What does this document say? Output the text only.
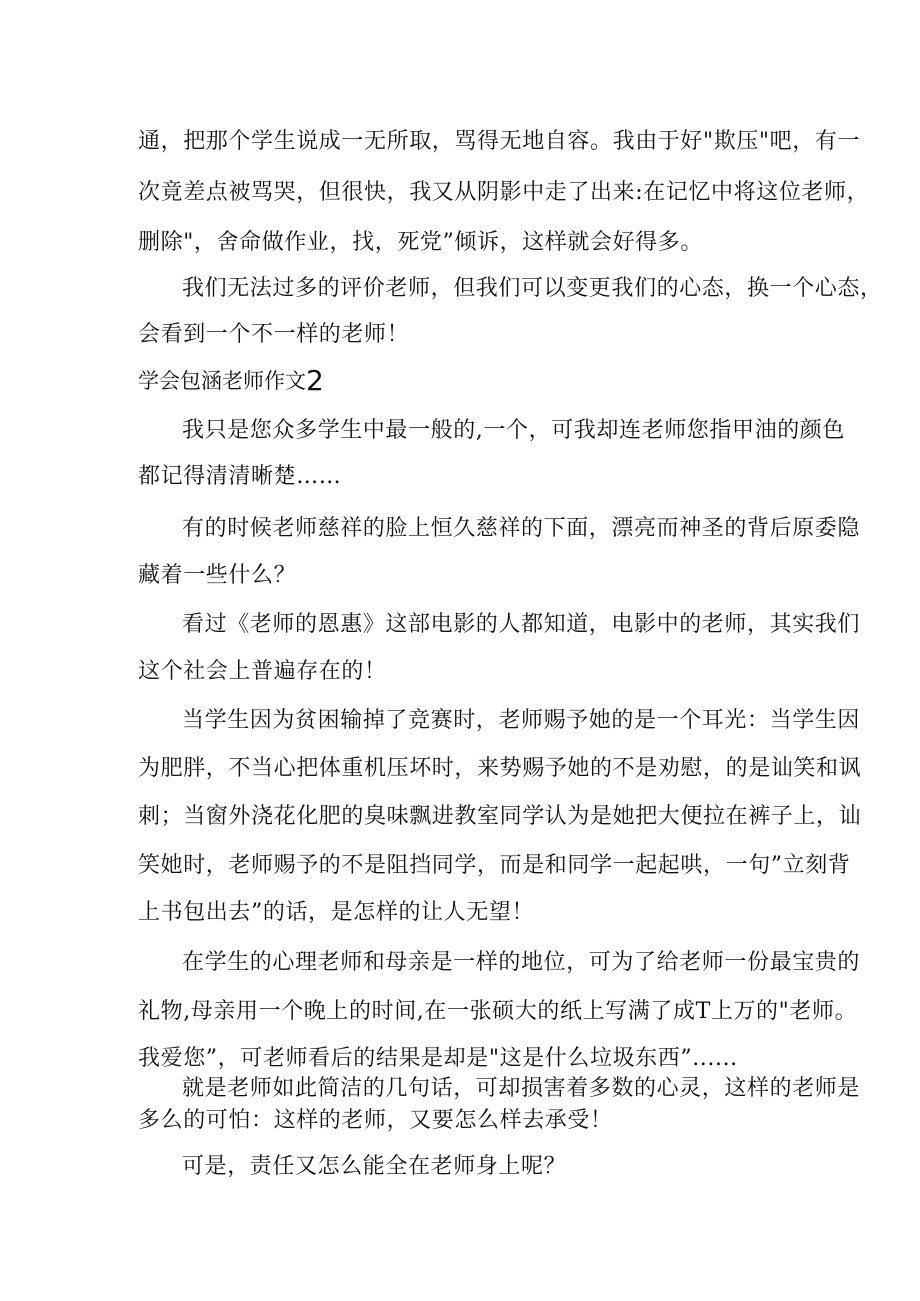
通，把那个学生说成一无所取，骂得无地自容。我由于好"欺压"吧，有一
次竟差点被骂哭，但很快，我又从阴影中走了出来:在记忆中将这位老师，
删除"，舍命做作业，找，死党”倾诉，这样就会好得多。
我们无法过多的评价老师，但我们可以变更我们的心态，换一个心态，
会看到一个不一样的老师！
学会包涵老师作文2
我只是您众多学生中最一般的,一个，可我却连老师您指甲油的颜色
都记得清清晰楚……
有的时候老师慈祥的脸上恒久慈祥的下面，漂亮而神圣的背后原委隐
藏着一些什么？
看过《老师的恩惠》这部电影的人都知道，电影中的老师，其实我们
这个社会上普遍存在的！
当学生因为贫困输掉了竞赛时，老师赐予她的是一个耳光：当学生因
为肥胖，不当心把体重机压坏时，来势赐予她的不是劝慰，的是讪笑和讽
刺；当窗外浇花化肥的臭味飘进教室同学认为是她把大便拉在裤子上，讪
笑她时，老师赐予的不是阻挡同学，而是和同学一起起哄，一句”立刻背
上书包出去”的话，是怎样的让人无望！
在学生的心理老师和母亲是一样的地位，可为了给老师一份最宝贵的
礼物,母亲用一个晚上的时间,在一张硕大的纸上写满了成T上万的"老师。
我爱您”，可老师看后的结果是却是"这是什么垃圾东西”......
就是老师如此简洁的几句话，可却损害着多数的心灵，这样的老师是
多么的可怕：这样的老师，又要怎么样去承受！
可是，责任又怎么能全在老师身上呢？
